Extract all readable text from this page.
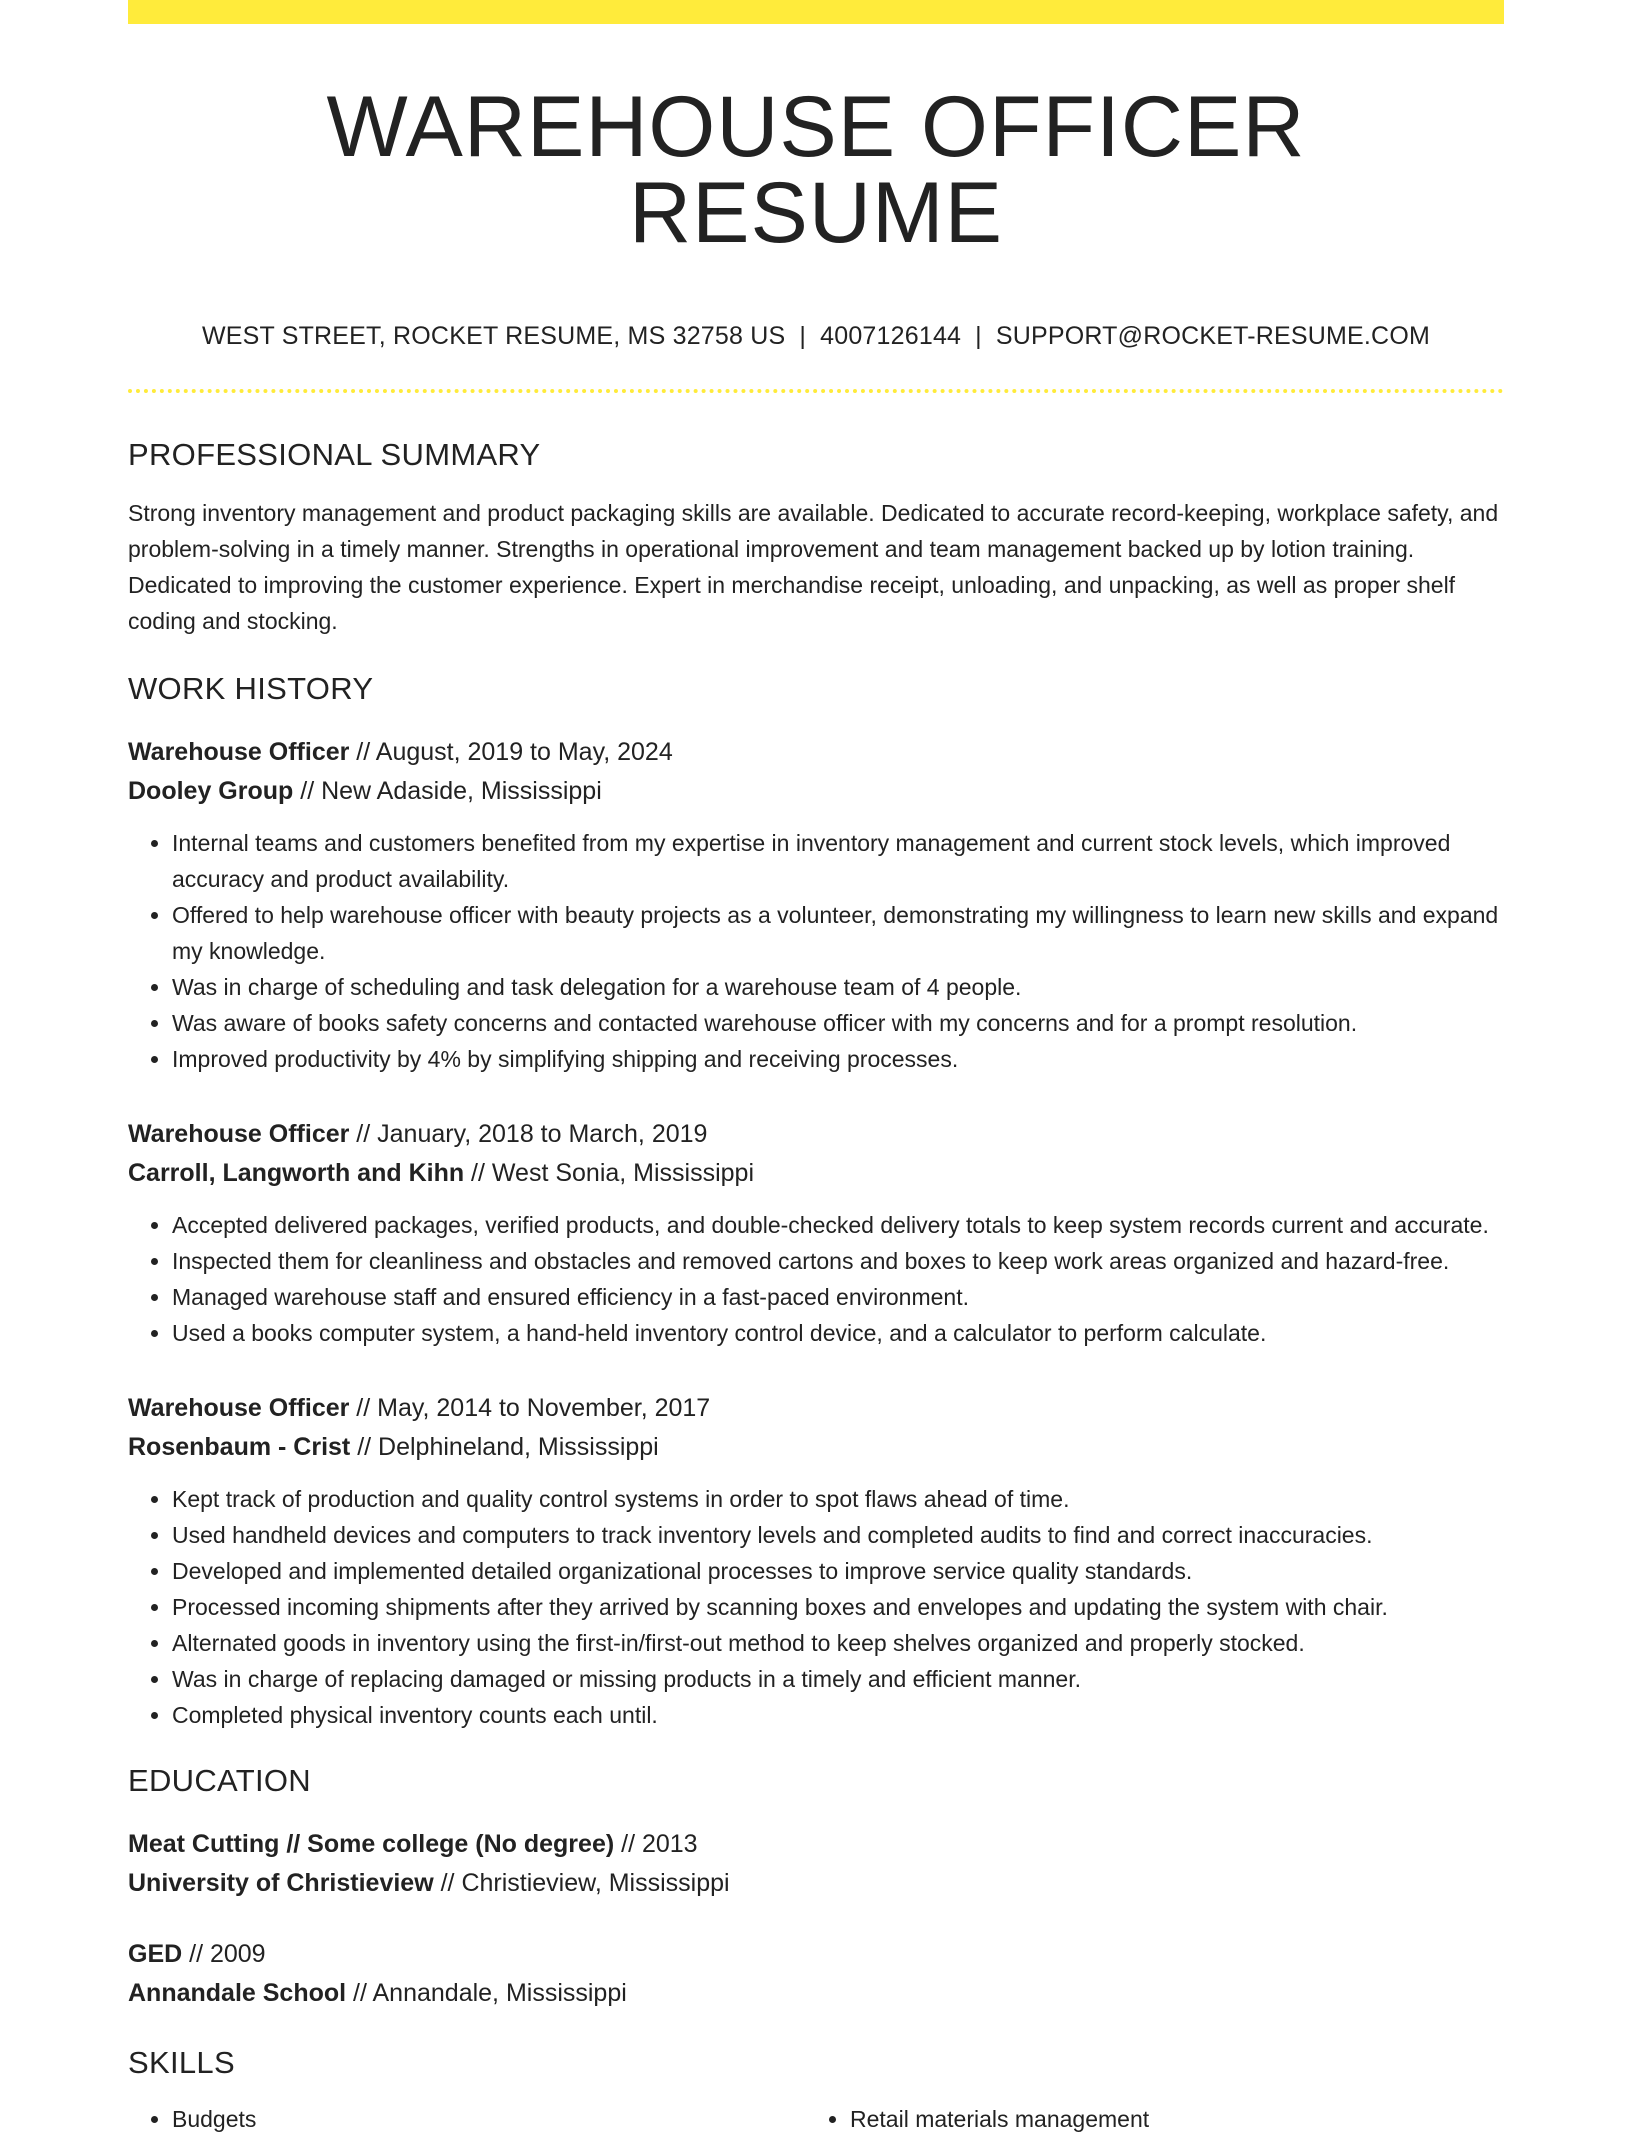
WAREHOUSE OFFICER RESUME
WEST STREET, ROCKET RESUME, MS 32758 US | 4007126144 | SUPPORT@ROCKET-RESUME.COM
PROFESSIONAL SUMMARY
Strong inventory management and product packaging skills are available. Dedicated to accurate record-keeping, workplace safety, and problem-solving in a timely manner. Strengths in operational improvement and team management backed up by lotion training. Dedicated to improving the customer experience. Expert in merchandise receipt, unloading, and unpacking, as well as proper shelf coding and stocking.
WORK HISTORY
Warehouse Officer // August, 2019 to May, 2024
Dooley Group // New Adaside, Mississippi
• Internal teams and customers benefited from my expertise in inventory management and current stock levels, which improved accuracy and product availability.
• Offered to help warehouse officer with beauty projects as a volunteer, demonstrating my willingness to learn new skills and expand my knowledge.
• Was in charge of scheduling and task delegation for a warehouse team of 4 people.
• Was aware of books safety concerns and contacted warehouse officer with my concerns and for a prompt resolution.
• Improved productivity by 4% by simplifying shipping and receiving processes.
Warehouse Officer // January, 2018 to March, 2019
Carroll, Langworth and Kihn // West Sonia, Mississippi
• Accepted delivered packages, verified products, and double-checked delivery totals to keep system records current and accurate.
• Inspected them for cleanliness and obstacles and removed cartons and boxes to keep work areas organized and hazard-free.
• Managed warehouse staff and ensured efficiency in a fast-paced environment.
• Used a books computer system, a hand-held inventory control device, and a calculator to perform calculate.
Warehouse Officer // May, 2014 to November, 2017
Rosenbaum - Crist // Delphineland, Mississippi
• Kept track of production and quality control systems in order to spot flaws ahead of time.
• Used handheld devices and computers to track inventory levels and completed audits to find and correct inaccuracies.
• Developed and implemented detailed organizational processes to improve service quality standards.
• Processed incoming shipments after they arrived by scanning boxes and envelopes and updating the system with chair.
• Alternated goods in inventory using the first-in/first-out method to keep shelves organized and properly stocked.
• Was in charge of replacing damaged or missing products in a timely and efficient manner.
• Completed physical inventory counts each until.
EDUCATION
Meat Cutting // Some college (No degree) // 2013
University of Christieview // Christieview, Mississippi
GED // 2009
Annandale School // Annandale, Mississippi
SKILLS
• Budgets
•	Retail materials management
